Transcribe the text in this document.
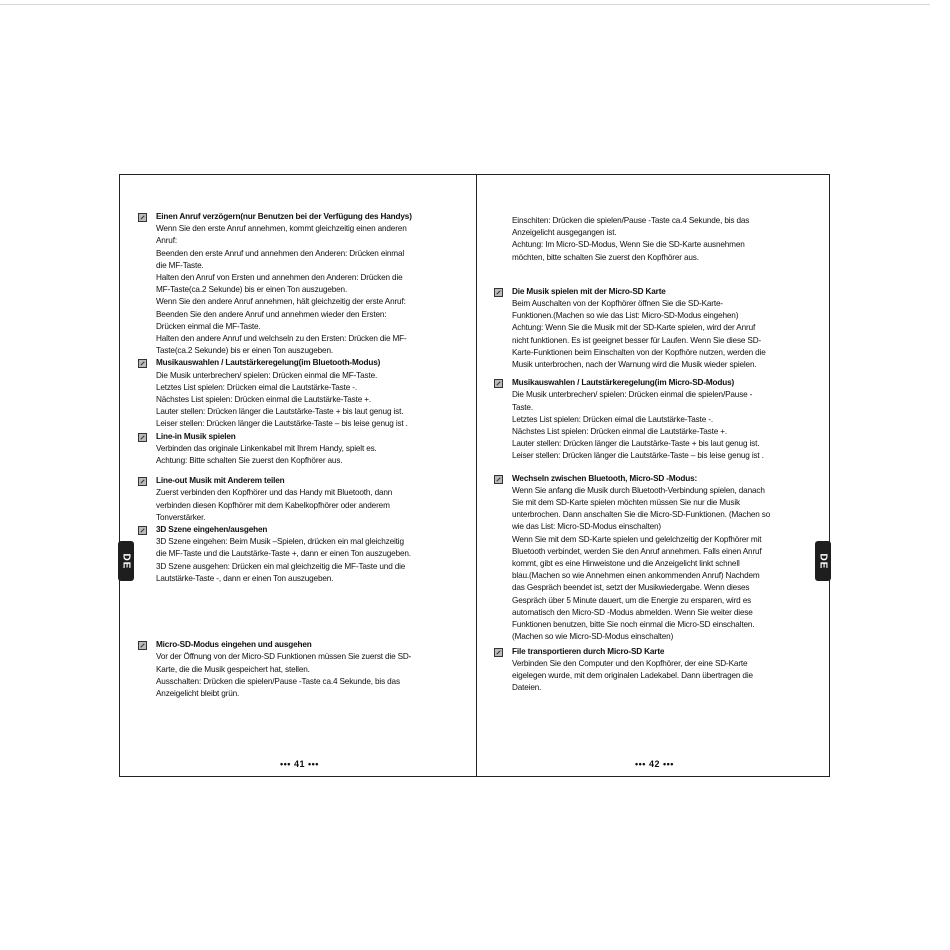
Einen Anruf verzögern(nur Benutzen bei der Verfügung des Handys)
Wenn Sie den erste Anruf annehmen, kommt gleichzeitig einen anderen
Anruf:
Beenden den erste Anruf und annehmen den Anderen: Drücken einmal
die MF-Taste.
Halten den Anruf von Ersten und annehmen den Anderen: Drücken die
MF-Taste(ca.2 Sekunde) bis er einen Ton auszugeben.
Wenn Sie den andere Anruf annehmen, hält gleichzeitig der erste Anruf:
Beenden Sie den andere Anruf und annehmen wieder den Ersten:
Drücken einmal die MF-Taste.
Halten den andere Anruf und welchseln zu den Ersten: Drücken die MF-
Taste(ca.2 Sekunde) bis er einen Ton auszugeben.
Musikauswahlen / Lautstärkeregelung(im Bluetooth-Modus)
Die Musik unterbrechen/ spielen: Drücken einmal die MF-Taste.
Letztes List spielen: Drücken eimal die Lautstärke-Taste -.
Nächstes List spielen: Drücken einmal die Lautstärke-Taste +.
Lauter stellen: Drücken länger die Lautstärke-Taste + bis laut genug ist.
Leiser stellen: Drücken länger die Lautstärke-Taste – bis leise genug ist .
Line-in Musik spielen
Verbinden das originale Linkenkabel mit Ihrem Handy, spielt es.
Achtung: Bitte schalten Sie zuerst den Kopfhörer aus.
Line-out Musik mit Anderem teilen
Zuerst verbinden den Kopfhörer und das Handy mit Bluetooth, dann
verbinden diesen Kopfhörer mit dem Kabelkopfhörer oder anderem
Tonverstärker.
3D Szene eingehen/ausgehen
3D Szene eingehen: Beim Musik –Spielen, drücken ein mal gleichzeitig
die MF-Taste und die Lautstärke-Taste +, dann er einen Ton auszugeben.
3D Szene ausgehen: Drücken ein mal gleichzeitig die MF-Taste und die
Lautstärke-Taste -, dann er einen Ton auszugeben.
Micro-SD-Modus eingehen und ausgehen
Vor der Öffnung von der Micro-SD Funktionen müssen Sie zuerst die SD-
Karte, die die Musik gespeichert hat, stellen.
Ausschalten: Drücken die spielen/Pause -Taste ca.4 Sekunde, bis das
Anzeigelicht bleibt grün.
Einschiten: Drücken die spielen/Pause -Taste ca.4 Sekunde, bis das
Anzeigelicht ausgegangen ist.
Achtung: Im Micro-SD-Modus, Wenn Sie die SD-Karte ausnehmen
möchten, bitte schalten Sie zuerst den Kopfhörer aus.
Die Musik spielen mit der Micro-SD Karte
Beim Auschalten von der Kopfhörer öffnen Sie die SD-Karte-
Funktionen.(Machen so wie das List: Micro-SD-Modus eingehen)
Achtung: Wenn Sie die Musik mit der SD-Karte spielen, wird der Anruf
nicht funktionen. Es ist geeignet besser für Laufen. Wenn Sie diese SD-
Karte-Funktionen beim Einschalten von der Kopfhöre nutzen, werden die
Musik unterbrochen, nach der Warnung wird die Musik wieder spielen.
Musikauswahlen / Lautstärkeregelung(im Micro-SD-Modus)
Die Musik unterbrechen/ spielen: Drücken einmal die spielen/Pause -
Taste.
Letztes List spielen: Drücken eimal die Lautstärke-Taste -.
Nächstes List spielen: Drücken einmal die Lautstärke-Taste +.
Lauter stellen: Drücken länger die Lautstärke-Taste + bis laut genug ist.
Leiser stellen: Drücken länger die Lautstärke-Taste – bis leise genug ist .
Wechseln zwischen Bluetooth, Micro-SD -Modus:
Wenn Sie anfang die Musik durch Bluetooth-Verbindung spielen, danach
Sie mit dem SD-Karte spielen möchten müssen Sie nur die Musik
unterbrochen. Dann anschalten Sie die Micro-SD-Funktionen. (Machen so
wie das List: Micro-SD-Modus einschalten)
Wenn Sie mit dem SD-Karte spielen und gelelchzeitig der Kopfhörer mit
Bluetooth verbindet, werden Sie den Anruf annehmen. Falls einen Anruf
kommt, gibt es eine Hinweistone und die Anzeigelicht linkt schnell
blau.(Machen so wie Annehmen einen ankommenden Anruf) Nachdem
das Gespräch beendet ist, setzt der Musikwiedergabe. Wenn dieses
Gespräch über 5 Minute dauert, um die Energie zu ersparen, wird es
automatisch den Micro-SD -Modus abmelden. Wenn Sie weiter diese
Funktionen benutzen, bitte Sie noch einmal die Micro-SD einschalten.
(Machen so wie Micro-SD-Modus einschalten)
File transportieren durch Micro-SD Karte
Verbinden Sie den Computer und den Kopfhörer, der eine SD-Karte
eigelegen wurde, mit dem originalen Ladekabel. Dann übertragen die
Dateien.
••• 41 •••	••• 42 •••
DE	DE
